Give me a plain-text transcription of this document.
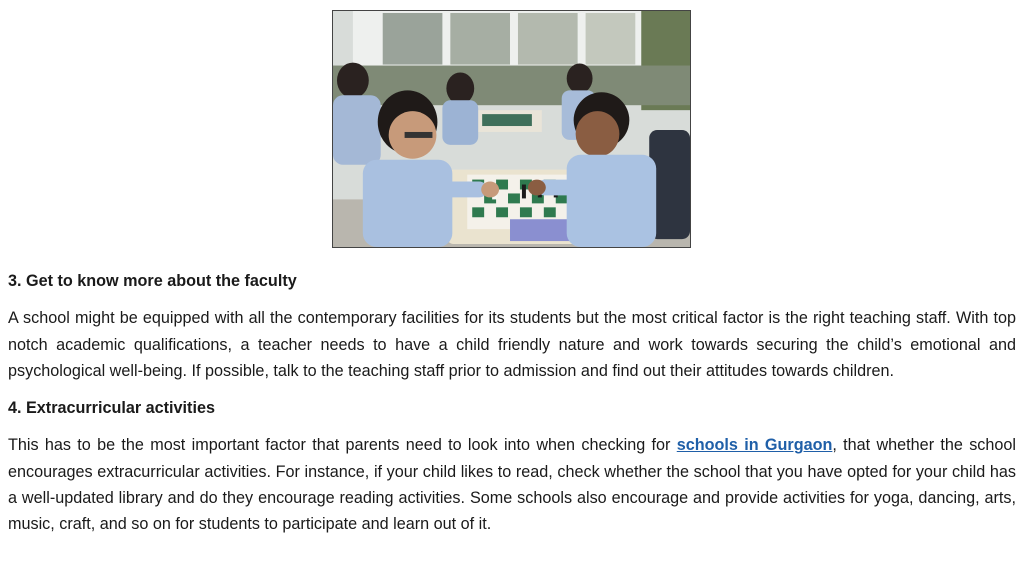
3. Get to know more about the faculty

A school might be equipped with all the contemporary facilities for its students but the most critical factor is the right teaching staff. With top notch academic qualifications, a teacher needs to have a child friendly nature and work towards securing the child’s emotional and psychological well-being. If possible, talk to the teaching staff prior to admission and find out their attitudes towards children.

4. Extracurricular activities

This has to be the most important factor that parents need to look into when checking for schools in Gurgaon, that whether the school encourages extracurricular activities. For instance, if your child likes to read, check whether the school that you have opted for your child has a well-updated library and do they encourage reading activities. Some schools also encourage and provide activities for yoga, dancing, arts, music, craft, and so on for students to participate and learn out of it.
